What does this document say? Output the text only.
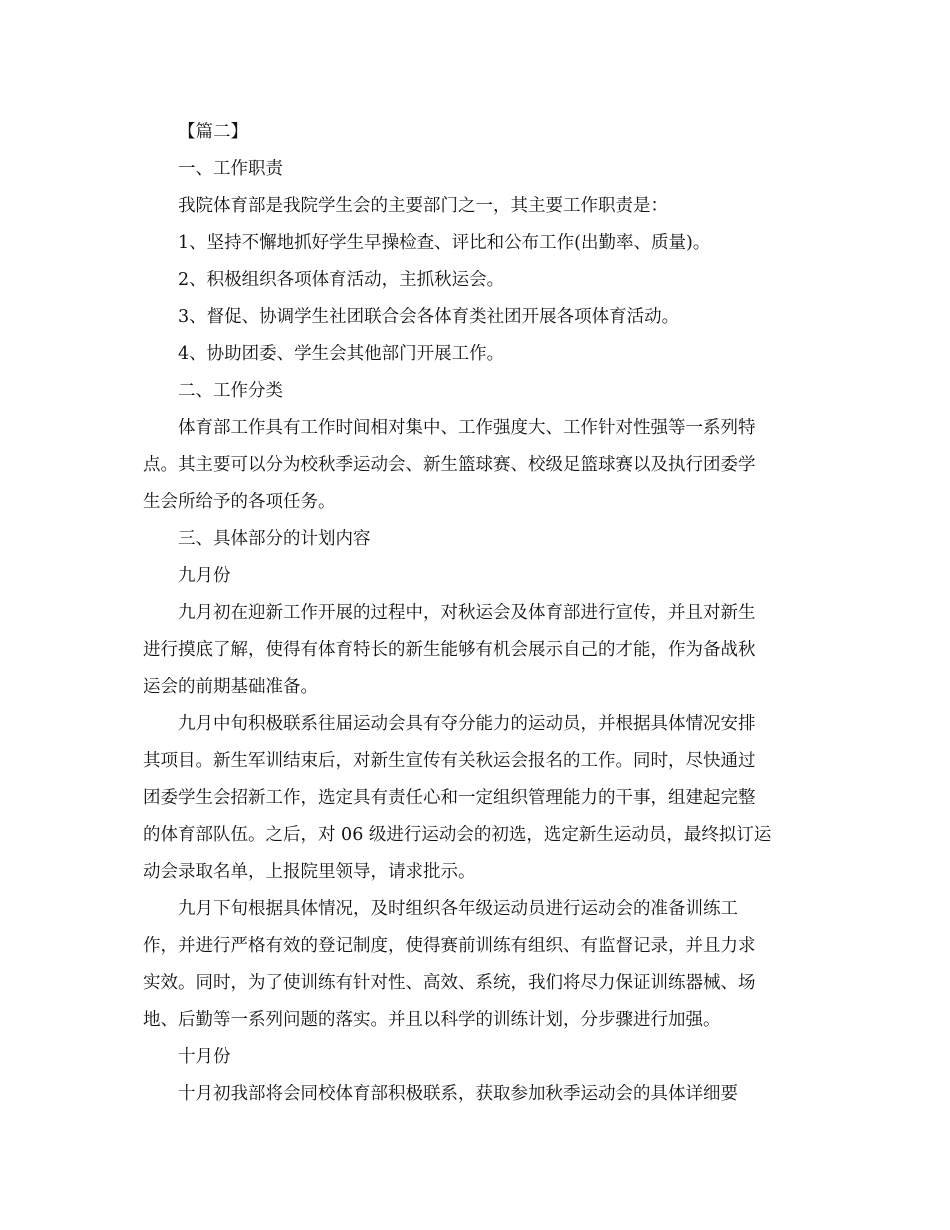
【篇二】
一、工作职责
我院体育部是我院学生会的主要部门之一，其主要工作职责是：
1、坚持不懈地抓好学生早操检查、评比和公布工作(出勤率、质量)。
2、积极组织各项体育活动，主抓秋运会。
3、督促、协调学生社团联合会各体育类社团开展各项体育活动。
4、协助团委、学生会其他部门开展工作。
二、工作分类
体育部工作具有工作时间相对集中、工作强度大、工作针对性强等一系列特
点。其主要可以分为校秋季运动会、新生篮球赛、校级足篮球赛以及执行团委学
生会所给予的各项任务。
三、具体部分的计划内容
九月份
九月初在迎新工作开展的过程中，对秋运会及体育部进行宣传，并且对新生
进行摸底了解，使得有体育特长的新生能够有机会展示自己的才能，作为备战秋
运会的前期基础准备。
九月中旬积极联系往届运动会具有夺分能力的运动员，并根据具体情况安排
其项目。新生军训结束后，对新生宣传有关秋运会报名的工作。同时，尽快通过
团委学生会招新工作，选定具有责任心和一定组织管理能力的干事，组建起完整
的体育部队伍。之后，对 06 级进行运动会的初选，选定新生运动员，最终拟订运
动会录取名单，上报院里领导，请求批示。
九月下旬根据具体情况，及时组织各年级运动员进行运动会的准备训练工
作，并进行严格有效的登记制度，使得赛前训练有组织、有监督记录，并且力求
实效。同时，为了使训练有针对性、高效、系统，我们将尽力保证训练器械、场
地、后勤等一系列问题的落实。并且以科学的训练计划，分步骤进行加强。
十月份
十月初我部将会同校体育部积极联系，获取参加秋季运动会的具体详细要
